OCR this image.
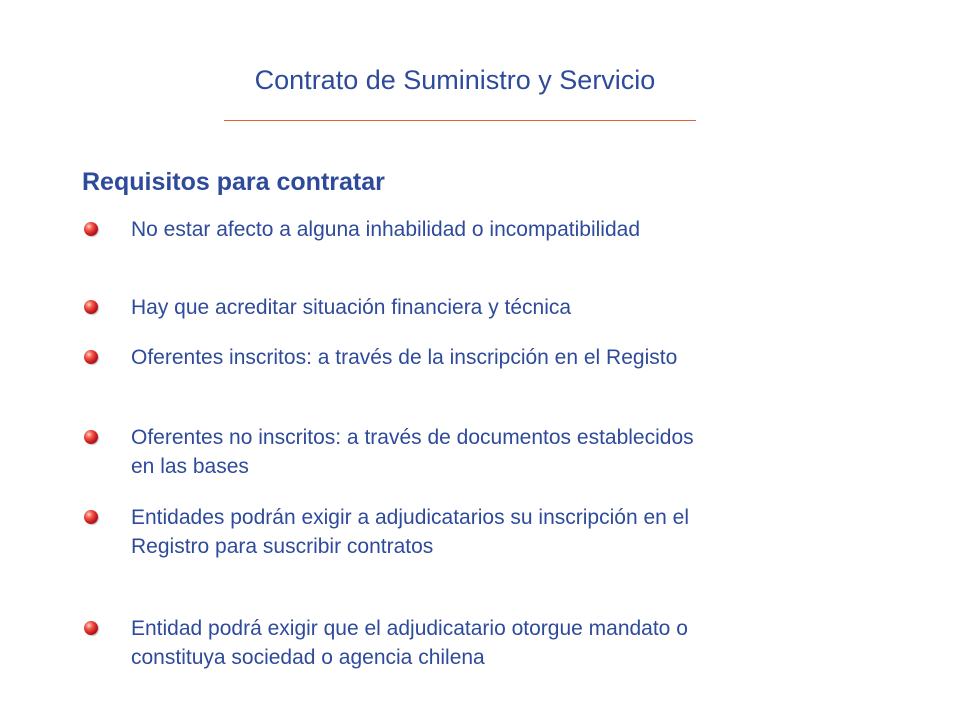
Contrato de Suministro y Servicio
Requisitos para contratar
No estar afecto a alguna inhabilidad o incompatibilidad
Hay que acreditar situación financiera y técnica
Oferentes inscritos: a través de la inscripción en el Registo
Oferentes no inscritos: a través de documentos establecidos en las bases
Entidades podrán exigir a adjudicatarios su inscripción en el Registro para suscribir contratos
Entidad podrá exigir que el adjudicatario otorgue mandato o constituya sociedad o agencia chilena
